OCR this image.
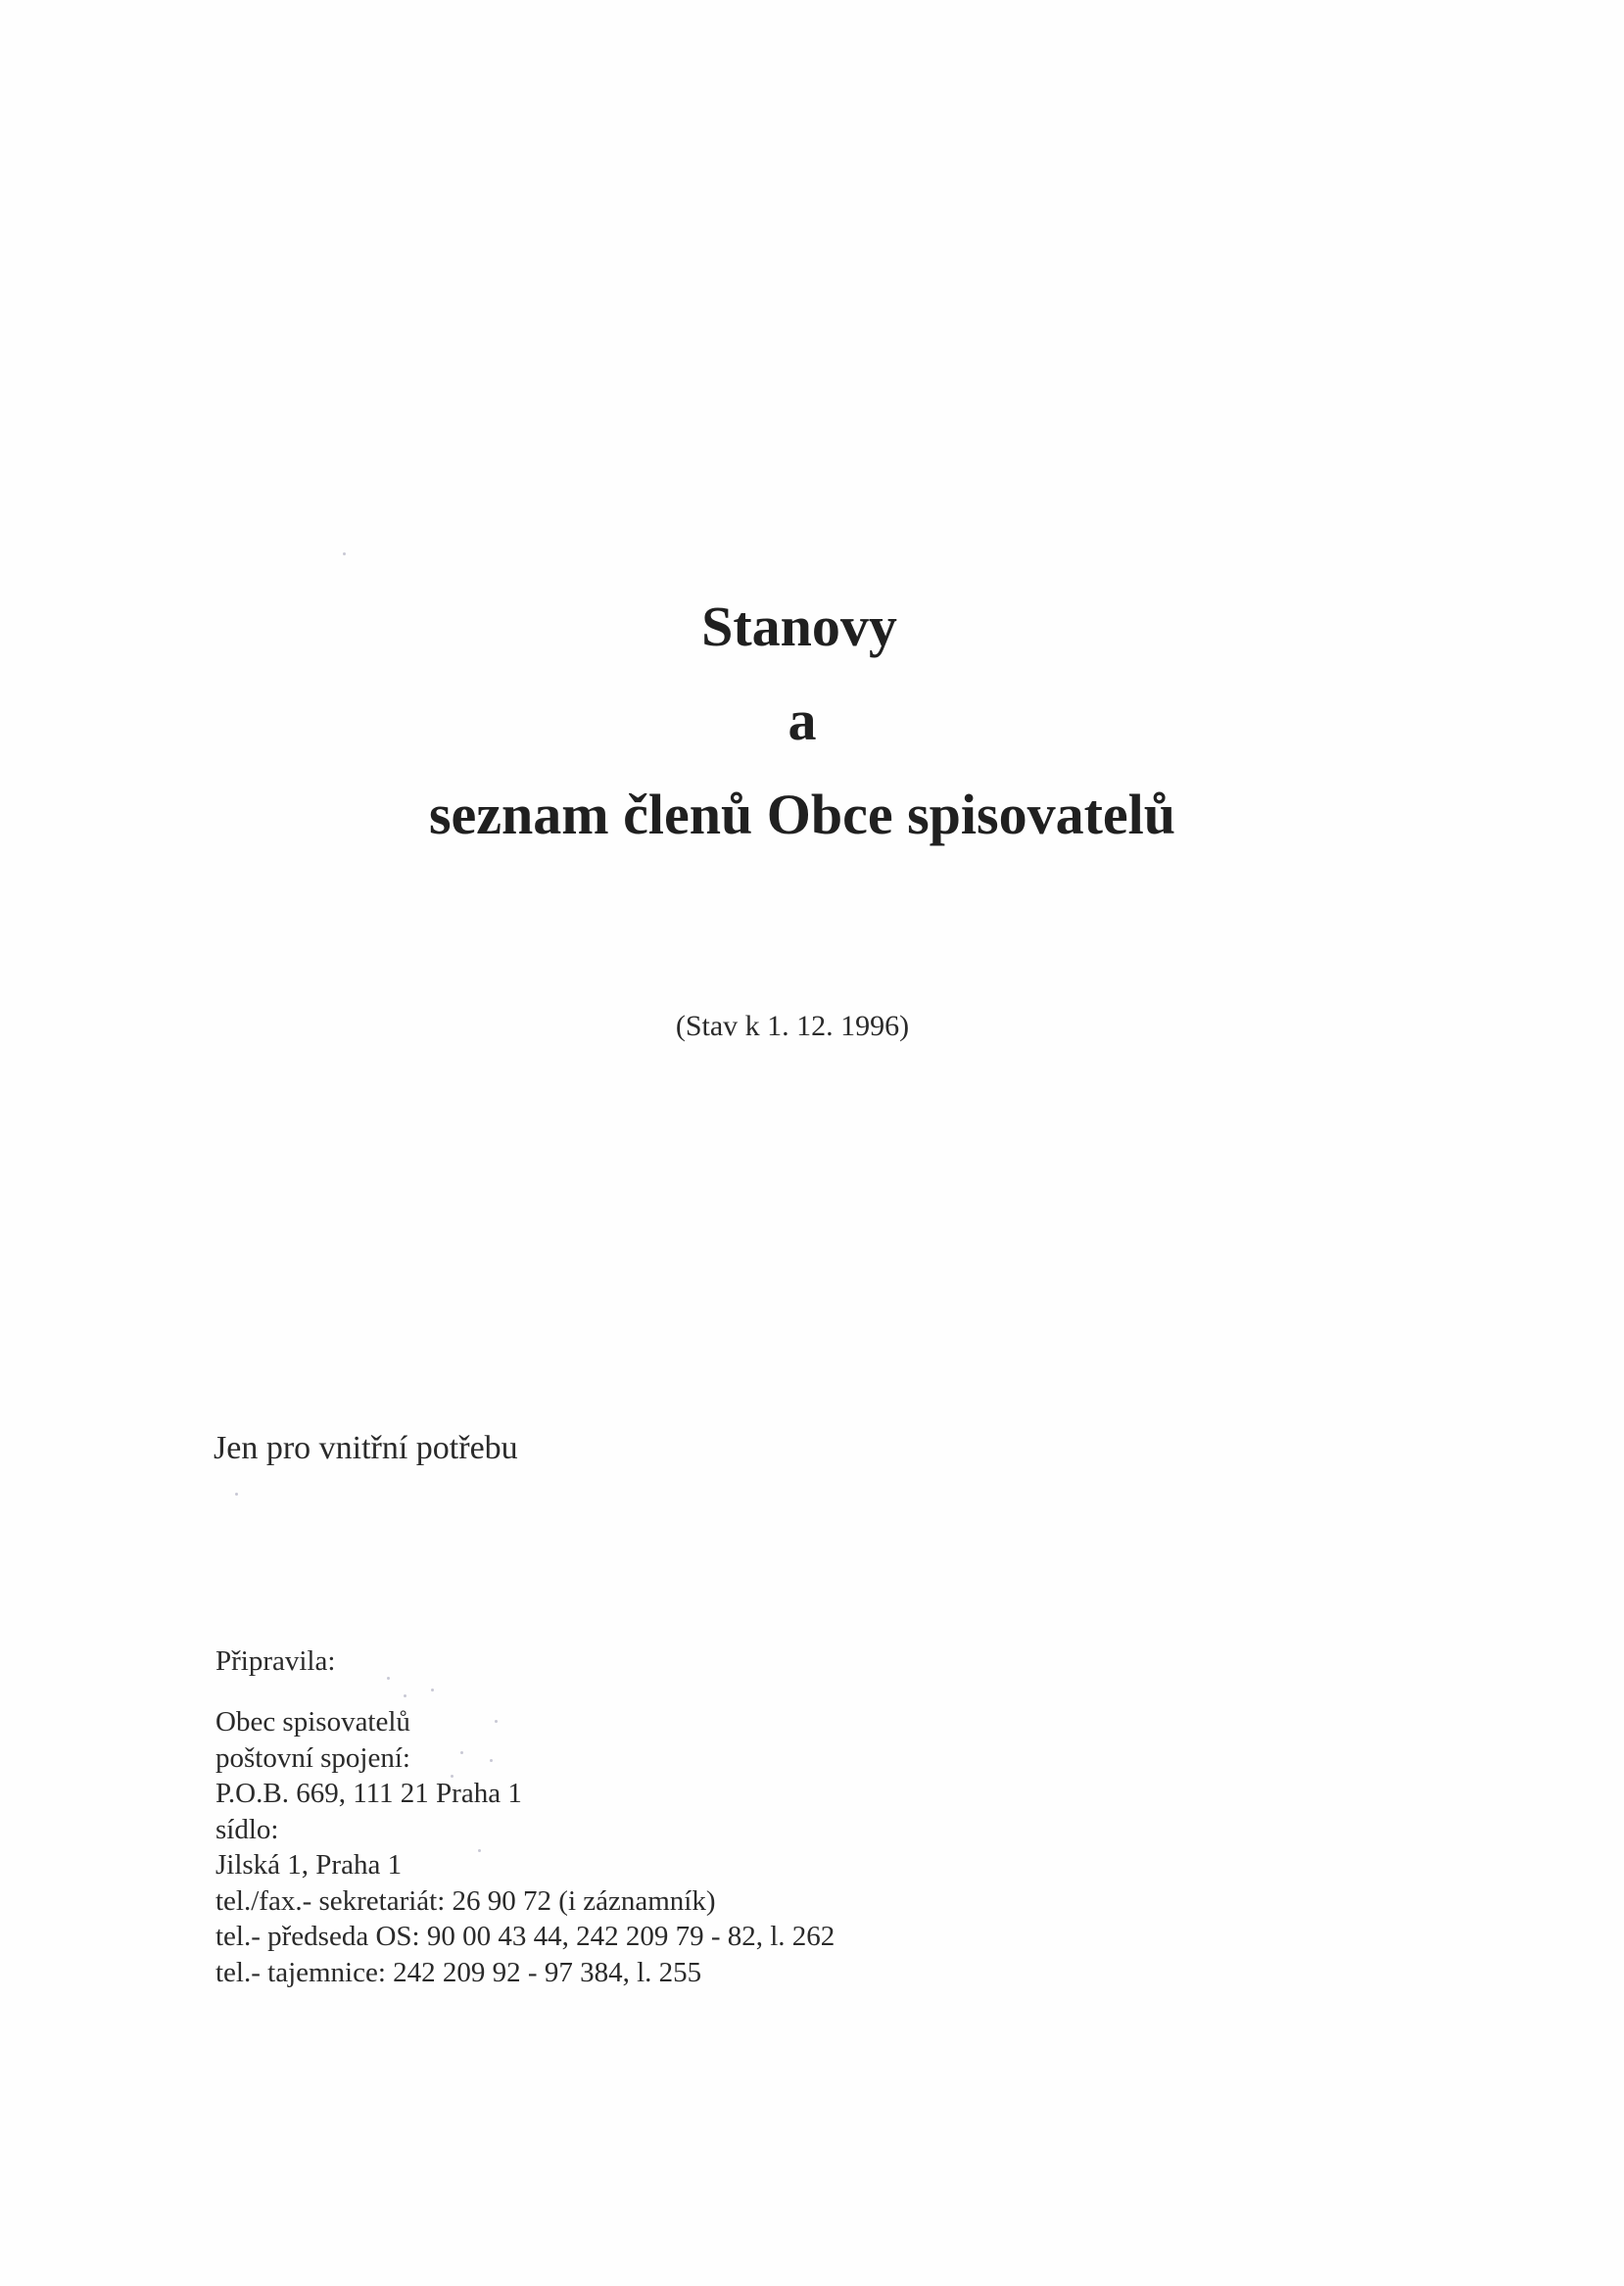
Stanovy
a
seznam členů Obce spisovatelů
(Stav k 1. 12. 1996)
Jen pro vnitřní potřebu
Připravila:
Obec spisovatelů
poštovní spojení:
P.O.B. 669, 111 21 Praha 1
sídlo:
Jilská 1, Praha 1
tel./fax.- sekretariát: 26 90 72 (i záznamník)
tel.- předseda OS: 90 00 43 44, 242 209 79 - 82, l. 262
tel.- tajemnice: 242 209 92 - 97 384, l. 255
